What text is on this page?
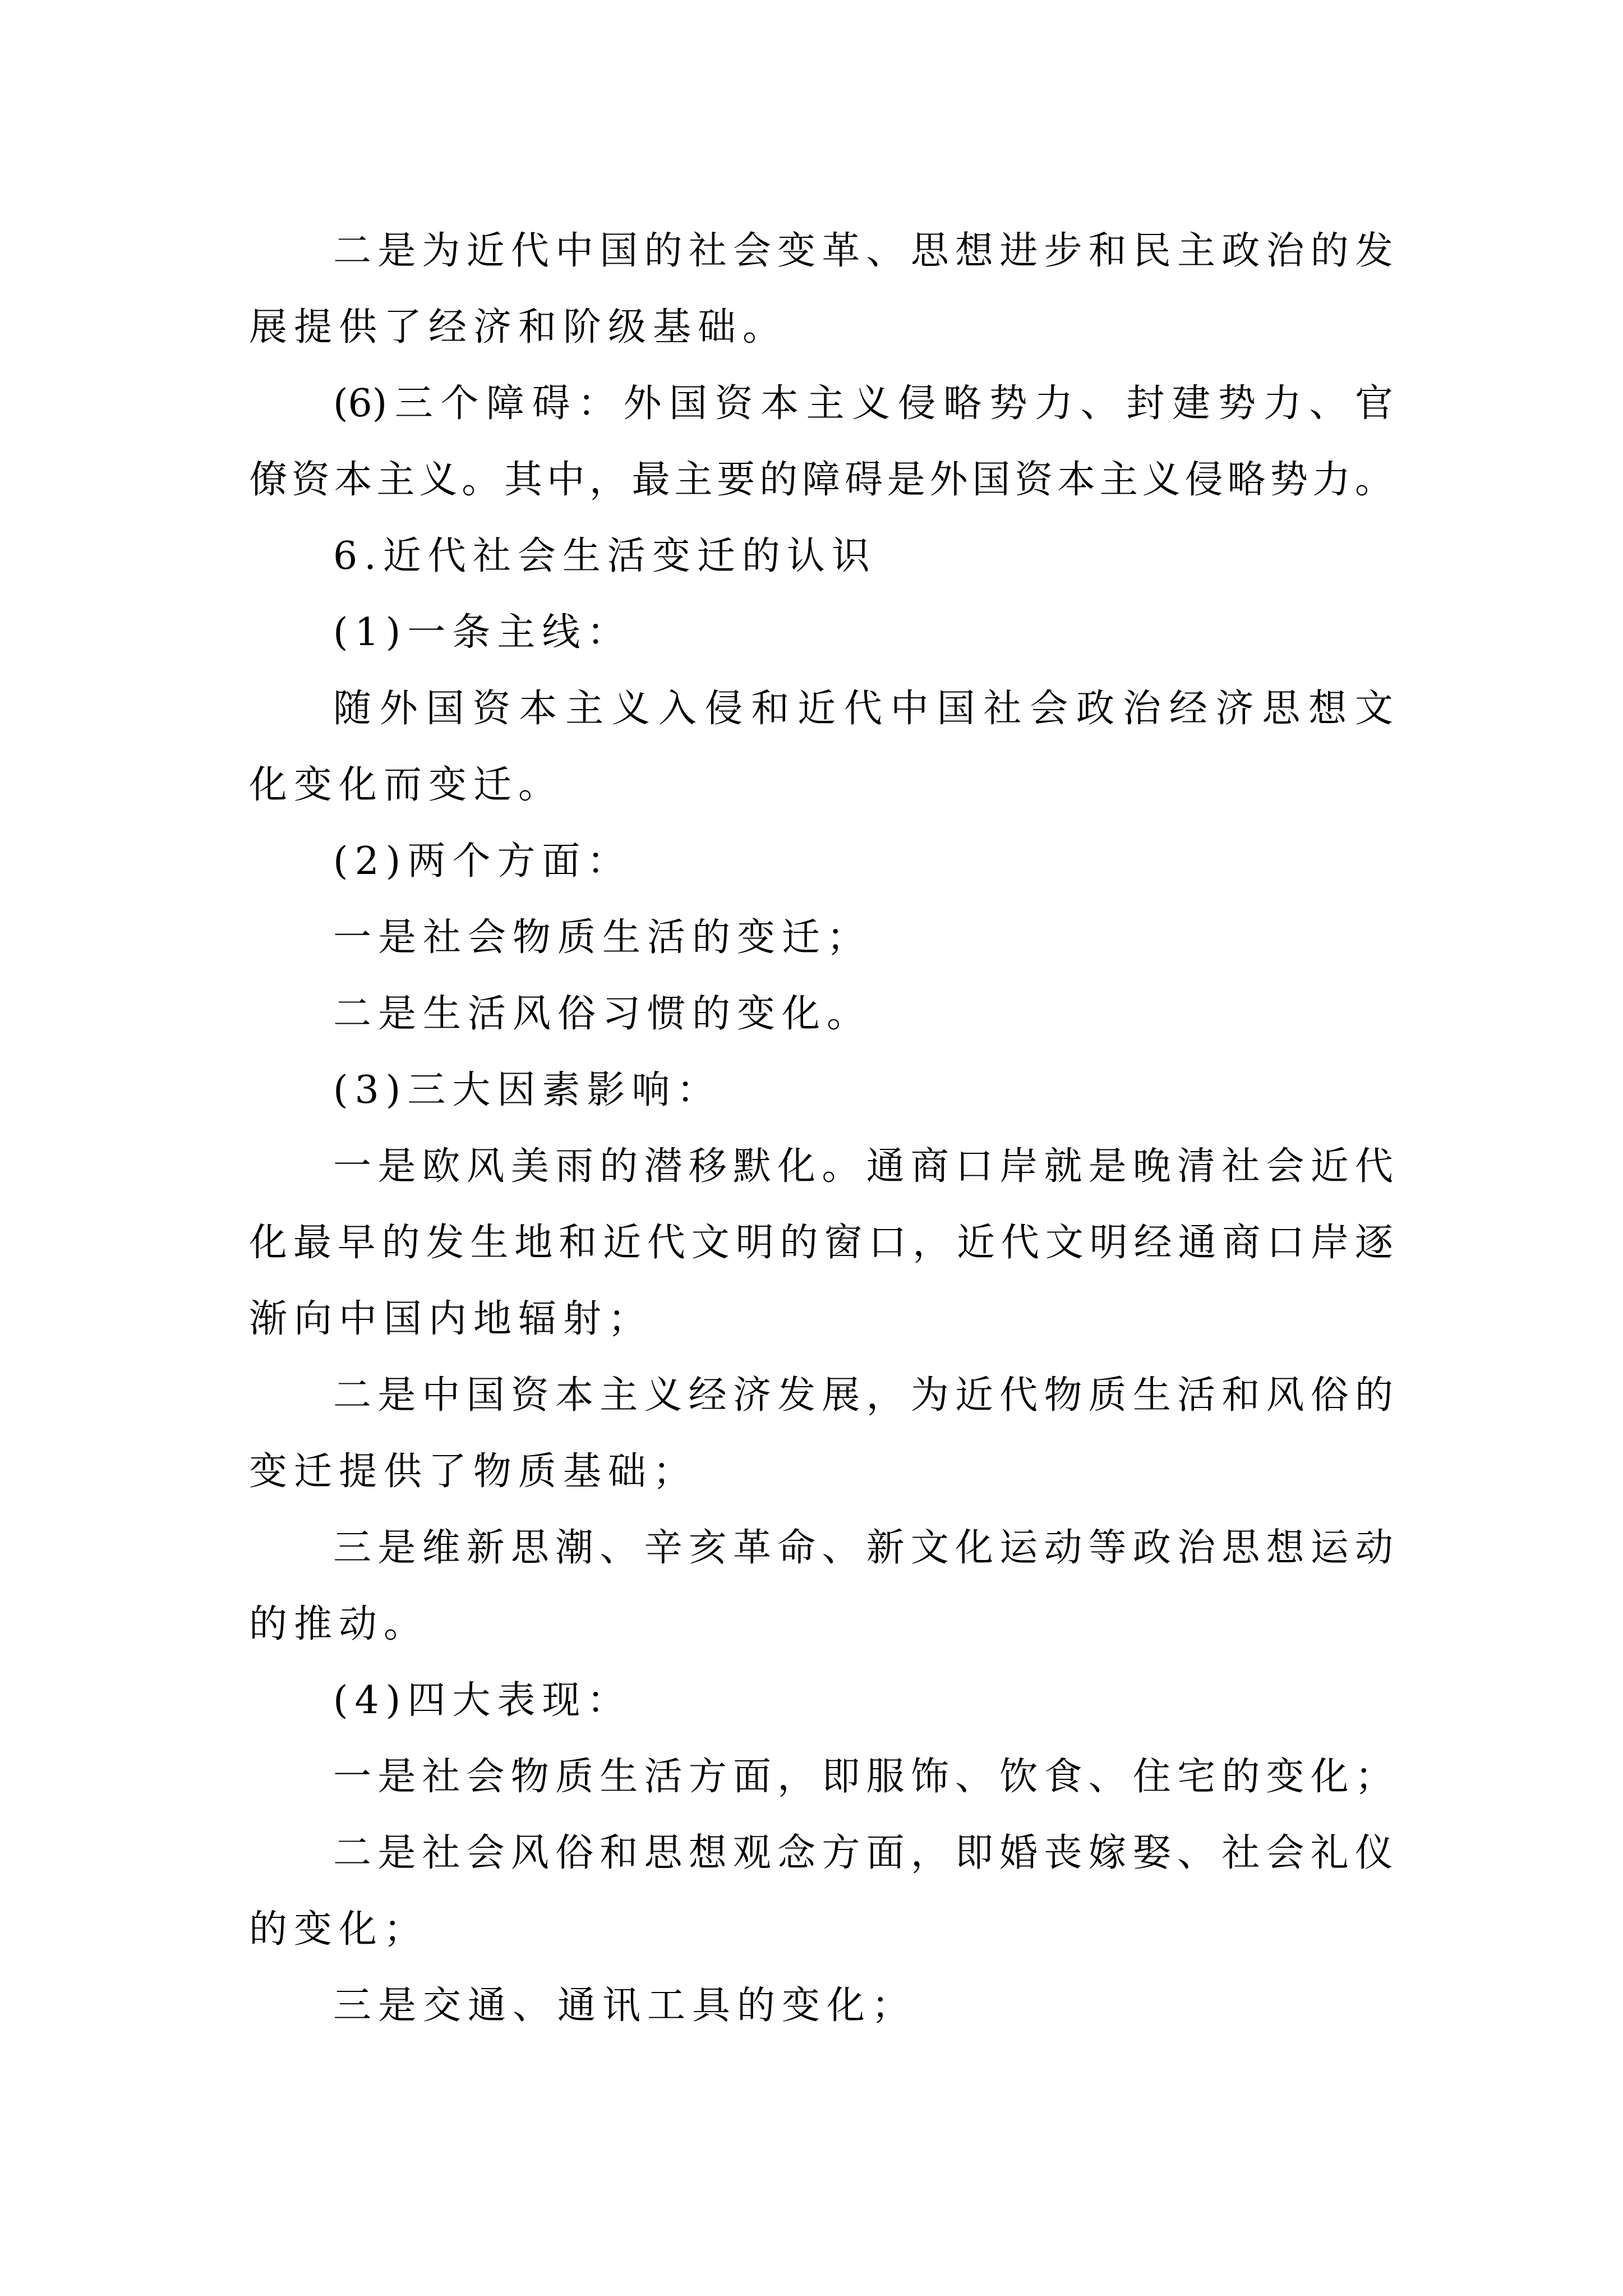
二是为近代中国的社会变革、思想进步和民主政治的发
展提供了经济和阶级基础。
(6)三个障碍：外国资本主义侵略势力、封建势力、官
僚资本主义。其中，最主要的障碍是外国资本主义侵略势力。
6.近代社会生活变迁的认识
(1)一条主线：
随外国资本主义入侵和近代中国社会政治经济思想文
化变化而变迁。
(2)两个方面：
一是社会物质生活的变迁；
二是生活风俗习惯的变化。
(3)三大因素影响：
一是欧风美雨的潜移默化。通商口岸就是晚清社会近代
化最早的发生地和近代文明的窗口，近代文明经通商口岸逐
渐向中国内地辐射；
二是中国资本主义经济发展，为近代物质生活和风俗的
变迁提供了物质基础；
三是维新思潮、辛亥革命、新文化运动等政治思想运动
的推动。
(4)四大表现：
一是社会物质生活方面，即服饰、饮食、住宅的变化；
二是社会风俗和思想观念方面，即婚丧嫁娶、社会礼仪
的变化；
三是交通、通讯工具的变化；
